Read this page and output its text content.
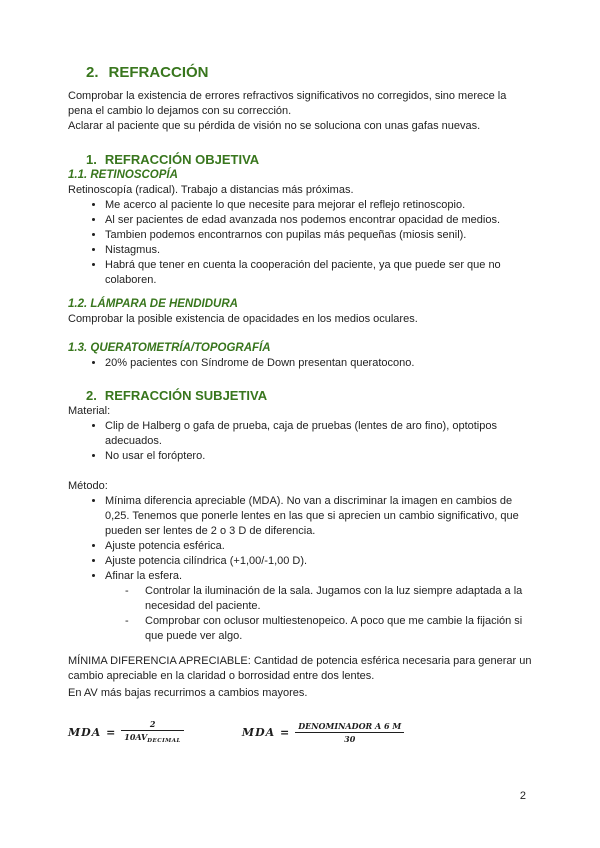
2. REFRACCIÓN

Comprobar la existencia de errores refractivos significativos no corregidos, sino merece la pena el cambio lo dejamos con su corrección.

Aclarar al paciente que su pérdida de visión no se soluciona con unas gafas nuevas.

1. REFRACCIÓN OBJETIVA
1.1. RETINOSCOPÍA

Retinoscopía (radical). Trabajo a distancias más próximas.

• Me acerco al paciente lo que necesite para mejorar el reflejo retinoscopio.
• Al ser pacientes de edad avanzada nos podemos encontrar opacidad de medios.
• Tambien podemos encontrarnos con pupilas más pequeñas (miosis senil).
• Nistagmus.
• Habrá que tener en cuenta la cooperación del paciente, ya que puede ser que no colaboren.
1.2. LÁMPARA DE HENDIDURA

Comprobar la posible existencia de opacidades en los medios oculares.

1.3. QUERATOMETRÍA/TOPOGRAFÍA
• 20% pacientes con Síndrome de Down presentan queratocono.
2. REFRACCIÓN SUBJETIVA

Material:

• Clip de Halberg o gafa de prueba, caja de pruebas (lentes de aro fino), optotipos adecuados.
• No usar el foróptero.

Método:

• Mínima diferencia apreciable (MDA). No van a discriminar la imagen en cambios de 0,25. Tenemos que ponerle lentes en las que si aprecien un cambio significativo, que pueden ser lentes de 2 o 3 D de diferencia.
• Ajuste potencia esférica.
• Ajuste potencia cilíndrica (+1,00/-1,00 D).
• Afinar la esfera.
- Controlar la iluminación de la sala. Jugamos con la luz siempre adaptada a la necesidad del paciente.
- Comprobar con oclusor multiestenopeico. A poco que me cambie la fijación si que puede ver algo.

MÍNIMA DIFERENCIA APRECIABLE: Cantidad de potencia esférica necesaria para generar un cambio apreciable en la claridad o borrosidad entre dos lentes.

En AV más bajas recurrimos a cambios mayores.

MDA = $\frac{2}{10AV_{DECIMAL}}$	MDA = $\frac{\text{DENOMINADOR A 6 M}}{30}$
2
